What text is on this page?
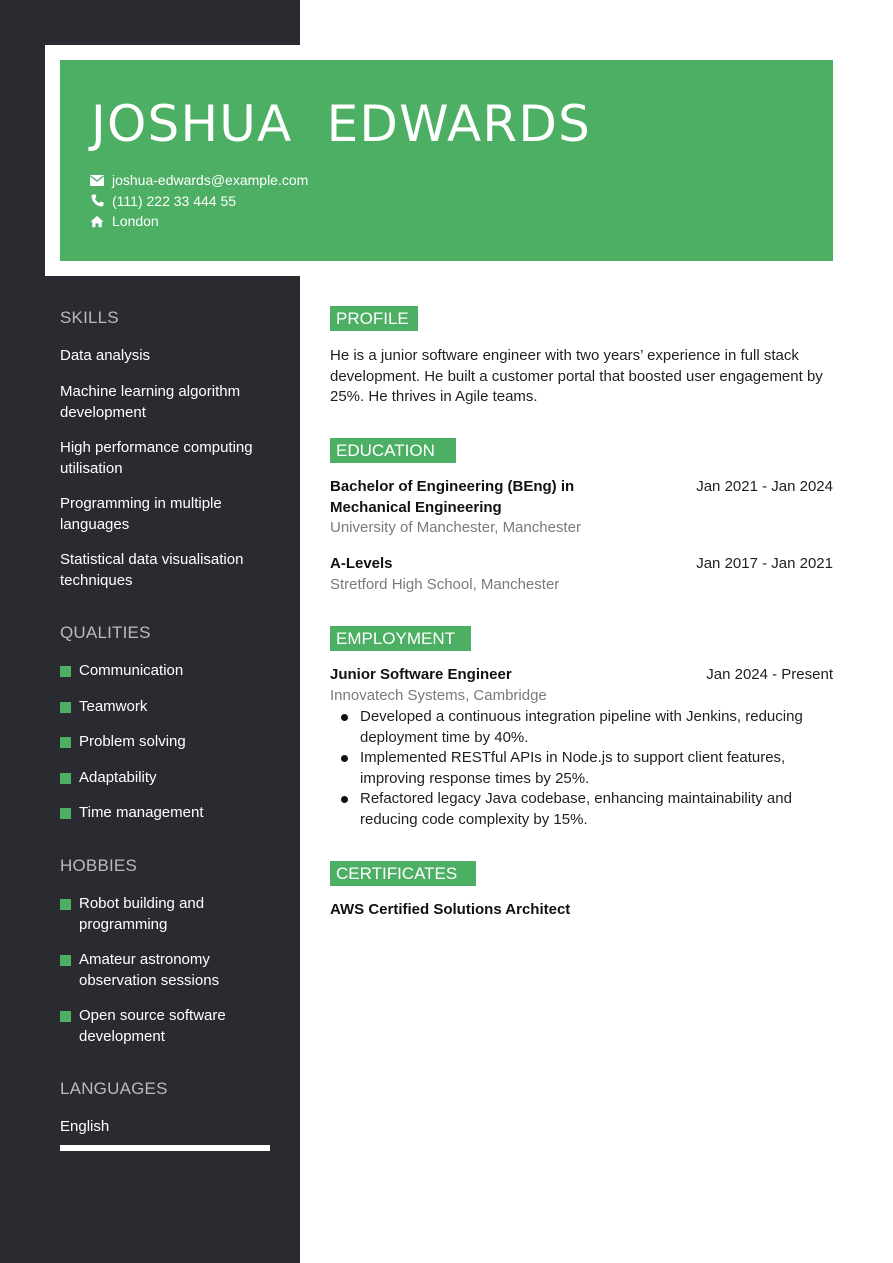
JOSHUA  EDWARDS
joshua-edwards@example.com
(111) 222 33 444 55
London
SKILLS
Data analysis
Machine learning algorithm development
High performance computing utilisation
Programming in multiple languages
Statistical data visualisation techniques
QUALITIES
Communication
Teamwork
Problem solving
Adaptability
Time management
HOBBIES
Robot building and programming
Amateur astronomy observation sessions
Open source software development
LANGUAGES
English
PROFILE
He is a junior software engineer with two years’ experience in full stack development. He built a customer portal that boosted user engagement by 25%. He thrives in Agile teams.
EDUCATION
Bachelor of Engineering (BEng) in Mechanical Engineering
Jan 2021 - Jan 2024
University of Manchester, Manchester
A-Levels	Jan 2017 - Jan 2021
Stretford High School, Manchester
EMPLOYMENT
Junior Software Engineer	Jan 2024 - Present
Innovatech Systems, Cambridge
Developed a continuous integration pipeline with Jenkins, reducing deployment time by 40%.
Implemented RESTful APIs in Node.js to support client features, improving response times by 25%.
Refactored legacy Java codebase, enhancing maintainability and reducing code complexity by 15%.
CERTIFICATES
AWS Certified Solutions Architect
